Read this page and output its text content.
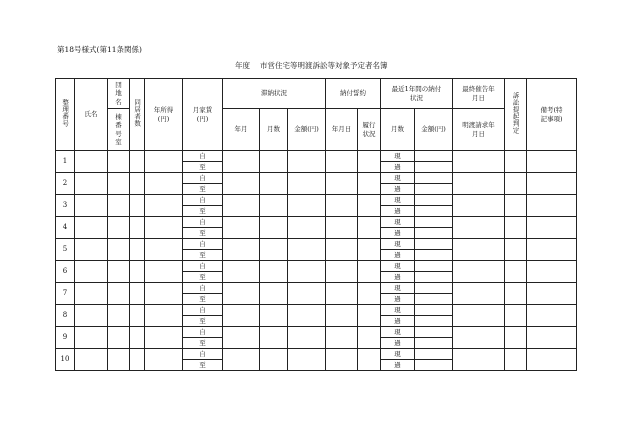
第18号様式(第11条関係)
年度 市営住宅等明渡訴訟等対象予定者名簿
整理番号	氏名	団地名	同居者数	年所得(円)	月家賃(円)	滞納状況			納付誓約		最近1年間の納付状況		最終催告年月日	訴訟提起判定	備考(特記事項)
		棟番号室				年月	月数	金額(円)	年月日	履行状況	月数	金額(円)	明渡請求年月日		

1					自						現				
					至						過				
2					自						現				
					至						過				
3					自						現				
					至						過				
4					自						現				
					至						過				
5					自						現				
					至						過				
6					自						現				
					至						過				
7					自						現				
					至						過				
8					自						現				
					至						過				
9					自						現				
					至						過				
10					自						現				
					至						過				
